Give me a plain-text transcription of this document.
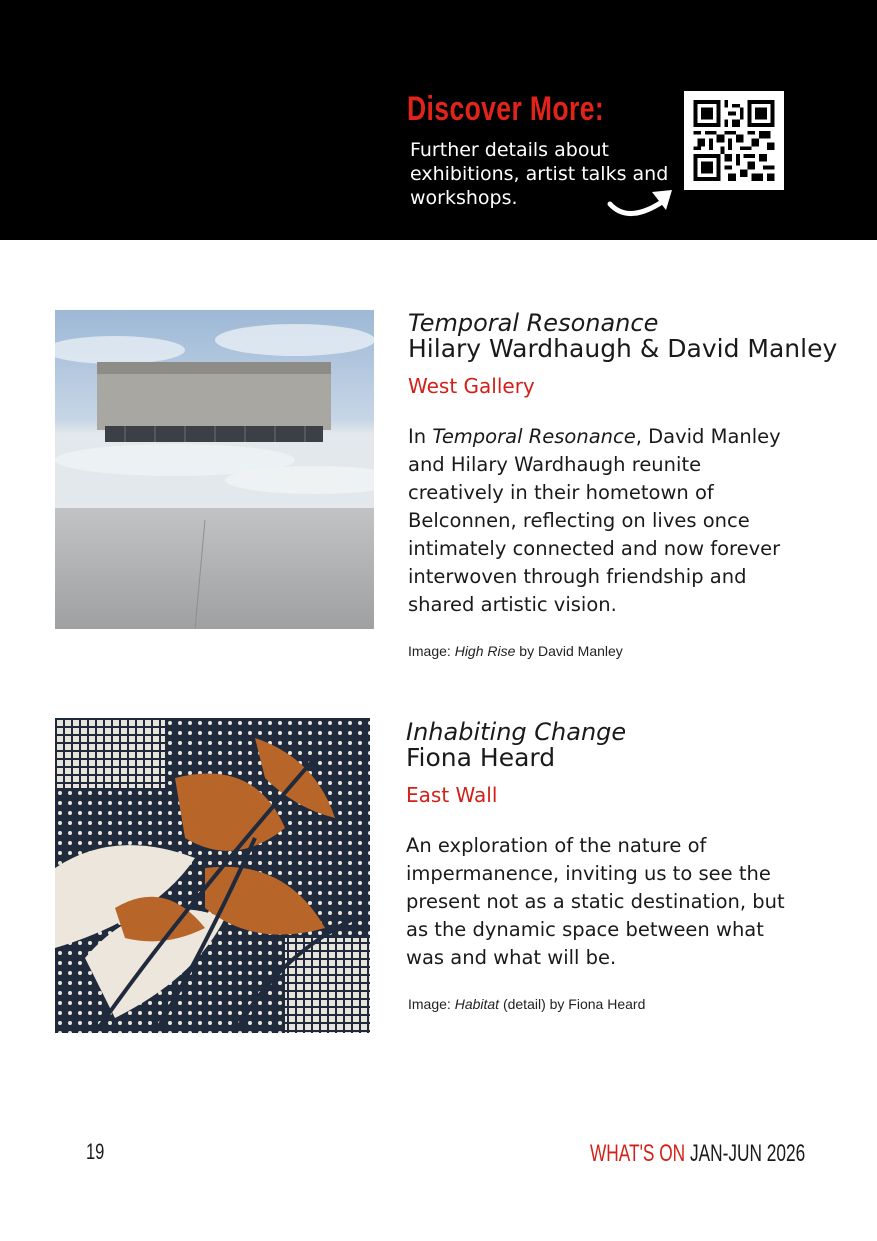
Discover More:
Further details about exhibitions, artist talks and workshops.
Temporal Resonance
Hilary Wardhaugh & David Manley
West Gallery
In Temporal Resonance, David Manley and Hilary Wardhaugh reunite creatively in their hometown of Belconnen, reflecting on lives once intimately connected and now forever interwoven through friendship and shared artistic vision.
Image: High Rise by David Manley
Inhabiting Change
Fiona Heard
East Wall
An exploration of the nature of impermanence, inviting us to see the present not as a static destination, but as the dynamic space between what was and what will be.
Image: Habitat (detail) by Fiona Heard
19	WHAT'S ON JAN-JUN 2026
